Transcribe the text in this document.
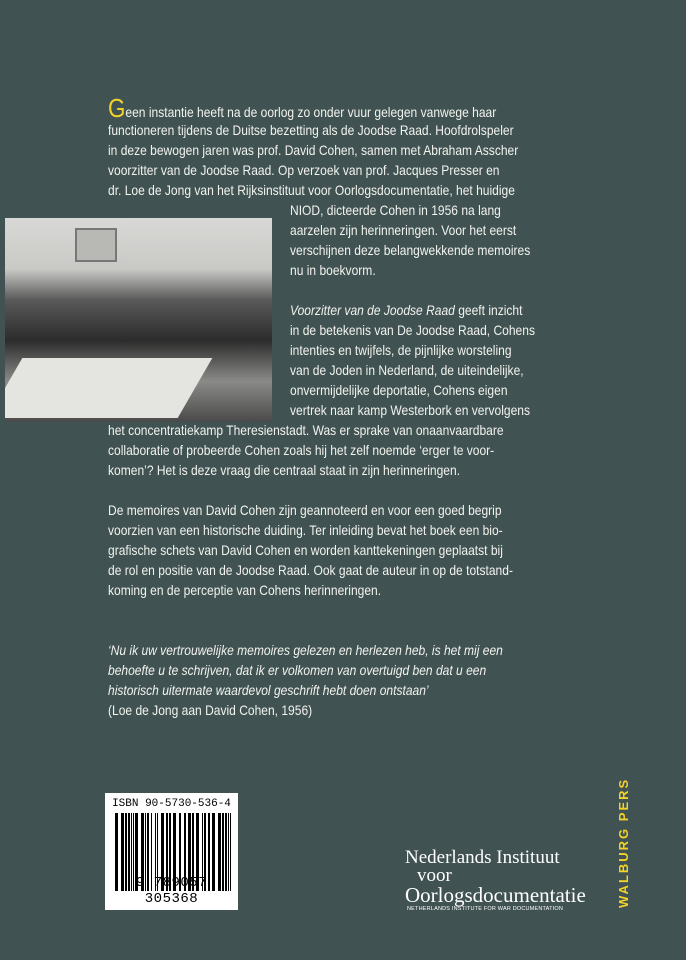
Geen instantie heeft na de oorlog zo onder vuur gelegen vanwege haar
functioneren tijdens de Duitse bezetting als de Joodse Raad. Hoofdrolspeler
in deze bewogen jaren was prof. David Cohen, samen met Abraham Asscher
voorzitter van de Joodse Raad. Op verzoek van prof. Jacques Presser en
dr. Loe de Jong van het Rijksinstituut voor Oorlogsdocumentatie, het huidige
NIOD, dicteerde Cohen in 1956 na lang
aarzelen zijn herinneringen. Voor het eerst
verschijnen deze belangwekkende memoires
nu in boekvorm.
Voorzitter van de Joodse Raad geeft inzicht
in de betekenis van De Joodse Raad, Cohens
intenties en twijfels, de pijnlijke worsteling
van de Joden in Nederland, de uiteindelijke,
onvermijdelijke deportatie, Cohens eigen
vertrek naar kamp Westerbork en vervolgens
het concentratiekamp Theresienstadt. Was er sprake van onaanvaardbare
collaboratie of probeerde Cohen zoals hij het zelf noemde ‘erger te voor-
komen’? Het is deze vraag die centraal staat in zijn herinneringen.
De memoires van David Cohen zijn geannoteerd en voor een goed begrip
voorzien van een historische duiding. Ter inleiding bevat het boek een bio-
grafische schets van David Cohen en worden kanttekeningen geplaatst bij
de rol en positie van de Joodse Raad. Ook gaat de auteur in op de totstand-
koming en de perceptie van Cohens herinneringen.
‘Nu ik uw vertrouwelijke memoires gelezen en herlezen heb, is het mij een
behoefte u te schrijven, dat ik er volkomen van overtuigd ben dat u een
historisch uitermate waardevol geschrift hebt doen ontstaan’
(Loe de Jong aan David Cohen, 1956)
ISBN 90-5730-536-4
9 789057 305368
Nederlands Instituut
voor
Oorlogsdocumentatie
NETHERLANDS INSTITUTE FOR WAR DOCUMENTATION
WALBURG PERS
